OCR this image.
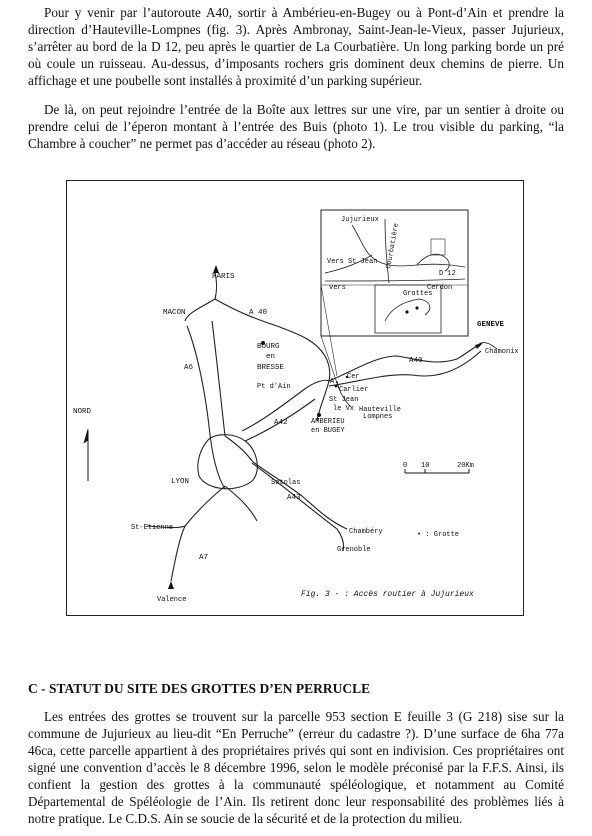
Pour y venir par l’autoroute A40, sortir à Ambérieu-en-Bugey ou à Pont-d’Ain et prendre la direction d’Hauteville-Lompnes (fig. 3). Après Ambronay, Saint-Jean-le-Vieux, passer Jujurieux, s’arrêter au bord de la D 12, peu après le quartier de La Courbatière. Un long parking borde un pré où coule un ruisseau. Au-dessus, d’imposants rochers gris dominent deux chemins de pierre. Un affichage et une poubelle sont installés à proximité d’un parking supérieur.

De là, on peut rejoindre l’entrée de la Boîte aux lettres sur une vire, par un sentier à droite ou prendre celui de l’éperon montant à l’entrée des Buis (photo 1). Le trou visible du parking, “la Chambre à coucher” ne permet pas d’accéder au réseau (photo 2).

Jujurieux
Courbatière
Vers St Jean
D 12
Cerdon
vers
Grottes
PARIS
MACON	A 40
BOURG
en
BRESSE
A6
Pt d'Ain
Cer
A.
Carlier
St Jean
le Vx Hauteville
Lompnes
AMBERIEU
en BUGEY
A42
A40
GENEVE
Chamonix
NORD
LYON	Satolas
A43
St-Etienne	Chambéry
Grenoble
A7
Valence
0 10	20Km
• : Grotte
Fig. 3 - : Accès routier à Jujurieux

C - STATUT DU SITE DES GROTTES D’EN PERRUCLE

Les entrées des grottes se trouvent sur la parcelle 953 section E feuille 3 (G 218) sise sur la commune de Jujurieux au lieu-dit “En Perruche” (erreur du cadastre ?). D’une surface de 6ha 77a 46ca, cette parcelle appartient à des propriétaires privés qui sont en indivision. Ces propriétaires ont signé une convention d’accès le 8 décembre 1996, selon le modèle préconisé par la F.F.S. Ainsi, ils confient la gestion des grottes à la communauté spéléologique, et notamment au Comité Départemental de Spéléologie de l’Ain. Ils retirent donc leur responsabilité des problèmes liés à notre pratique. Le C.D.S. Ain se soucie de la sécurité et de la protection du milieu.
